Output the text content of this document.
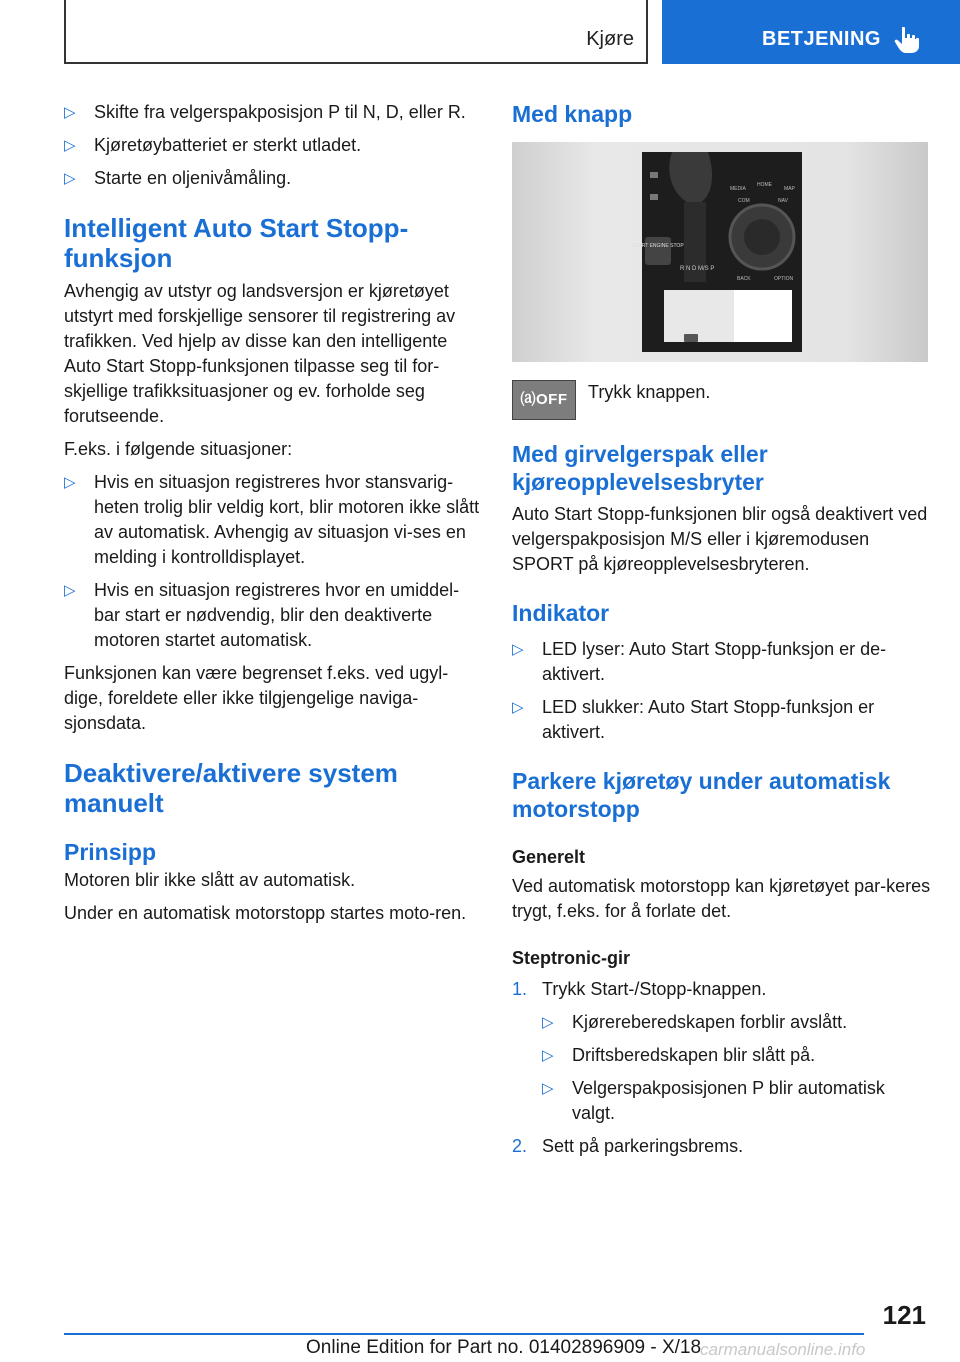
Kjøre	BETJENING
▷ Skifte fra velgerspakposisjon P til N, D, eller R.
▷ Kjøretøybatteriet er sterkt utladet.
▷ Starte en oljenivåmåling.
Intelligent Auto Start Stopp-funksjon

Avhengig av utstyr og landsversjon er kjøretøyet utstyrt med forskjellige sensorer til registrering av trafikken. Ved hjelp av disse kan den intelligente Auto Start Stopp-funksjonen tilpasse seg til for-skjellige trafikksituasjoner og ev. forholde seg forutseende.

F.eks. i følgende situasjoner:

▷ Hvis en situasjon registreres hvor stansvarig-heten trolig blir veldig kort, blir motoren ikke slått av automatisk. Avhengig av situasjon vi-ses en melding i kontrolldisplayet.
▷ Hvis en situasjon registreres hvor en umiddel-bar start er nødvendig, blir den deaktiverte motoren startet automatisk.

Funksjonen kan være begrenset f.eks. ved ugyl-dige, foreldete eller ikke tilgjengelige naviga-sjonsdata.

Deaktivere/aktivere system manuelt
Prinsipp

Motoren blir ikke slått av automatisk.

Under en automatisk motorstopp startes moto-ren.

Med knapp
START ENGINE STOP
R N D M/S P
MEDIA
HOME
MAP
COM	NAV
BACK	OPTION
⒜OFF	Trykk knappen.
Med girvelgerspak eller kjøreopplevelsesbryter

Auto Start Stopp-funksjonen blir også deaktivert ved velgerspakposisjon M/S eller i kjøremodusen SPORT på kjøreopplevelsesbryteren.

Indikator
▷ LED lyser: Auto Start Stopp-funksjon er de-aktivert.
▷ LED slukker: Auto Start Stopp-funksjon er aktivert.
Parkere kjøretøy under automatisk motorstopp
Generelt

Ved automatisk motorstopp kan kjøretøyet par-keres trygt, f.eks. for å forlate det.

Steptronic-gir
1. Trykk Start-/Stopp-knappen.
▷ Kjørereberedskapen forblir avslått.
▷ Driftsberedskapen blir slått på.
▷ Velgerspakposisjonen P blir automatisk valgt.
2. Sett på parkeringsbrems.
121
Online Edition for Part no. 01402896909 - X/18
carmanualsonline.info
